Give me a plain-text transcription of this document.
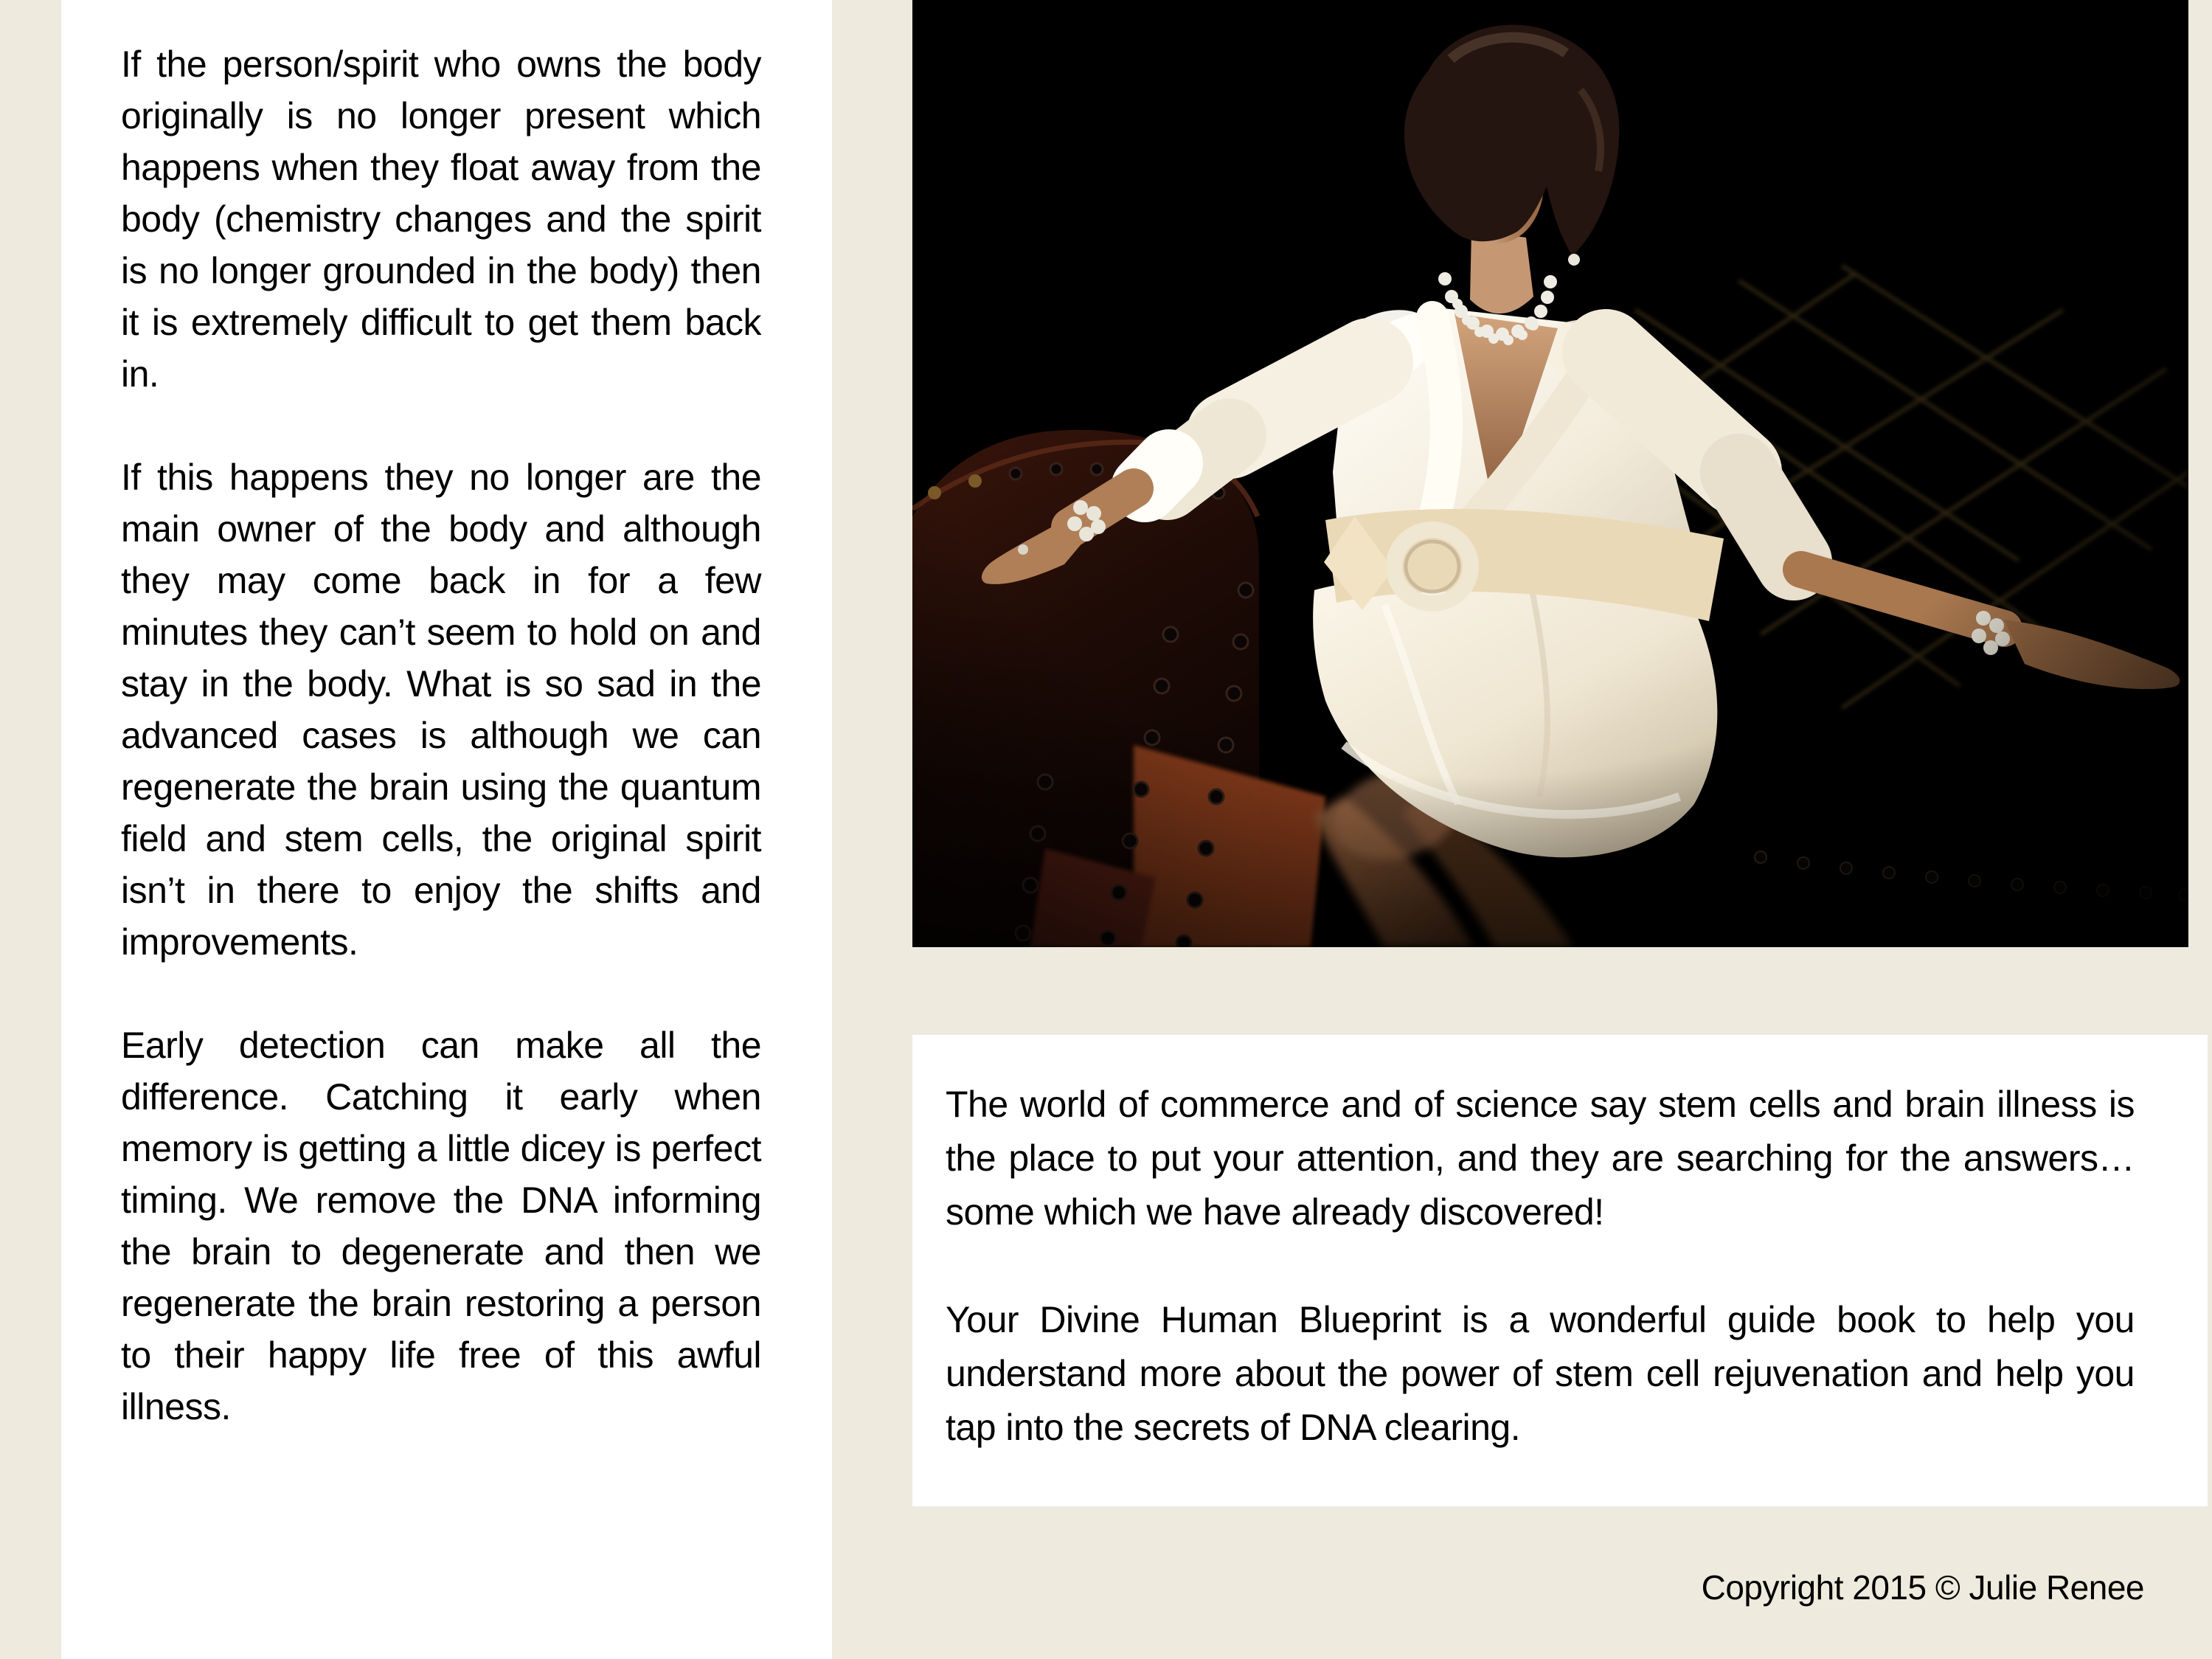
If the person/spirit who owns the body originally is no longer present which happens when they float away from the body (chemistry changes and the spirit is no longer grounded in the body) then it is extremely difficult to get them back in.

If this happens they no longer are the main owner of the body and although they may come back in for a few minutes they can’t seem to hold on and stay in the body. What is so sad in the advanced cases is although we can regenerate the brain using the quantum field and stem cells, the original spirit isn’t in there to enjoy the shifts and improvements.

Early detection can make all the difference. Catching it early when memory is getting a little dicey is perfect timing. We remove the DNA informing the brain to degenerate and then we regenerate the brain restoring a person to their happy life free of this awful illness.

The world of commerce and of science say stem cells and brain illness is the place to put your attention, and they are searching for the answers…some which we have already discovered!

Your Divine Human Blueprint is a wonderful guide book to help you understand more about the power of stem cell rejuvenation and help you tap into the secrets of DNA clearing.

Copyright 2015 © Julie Renee
